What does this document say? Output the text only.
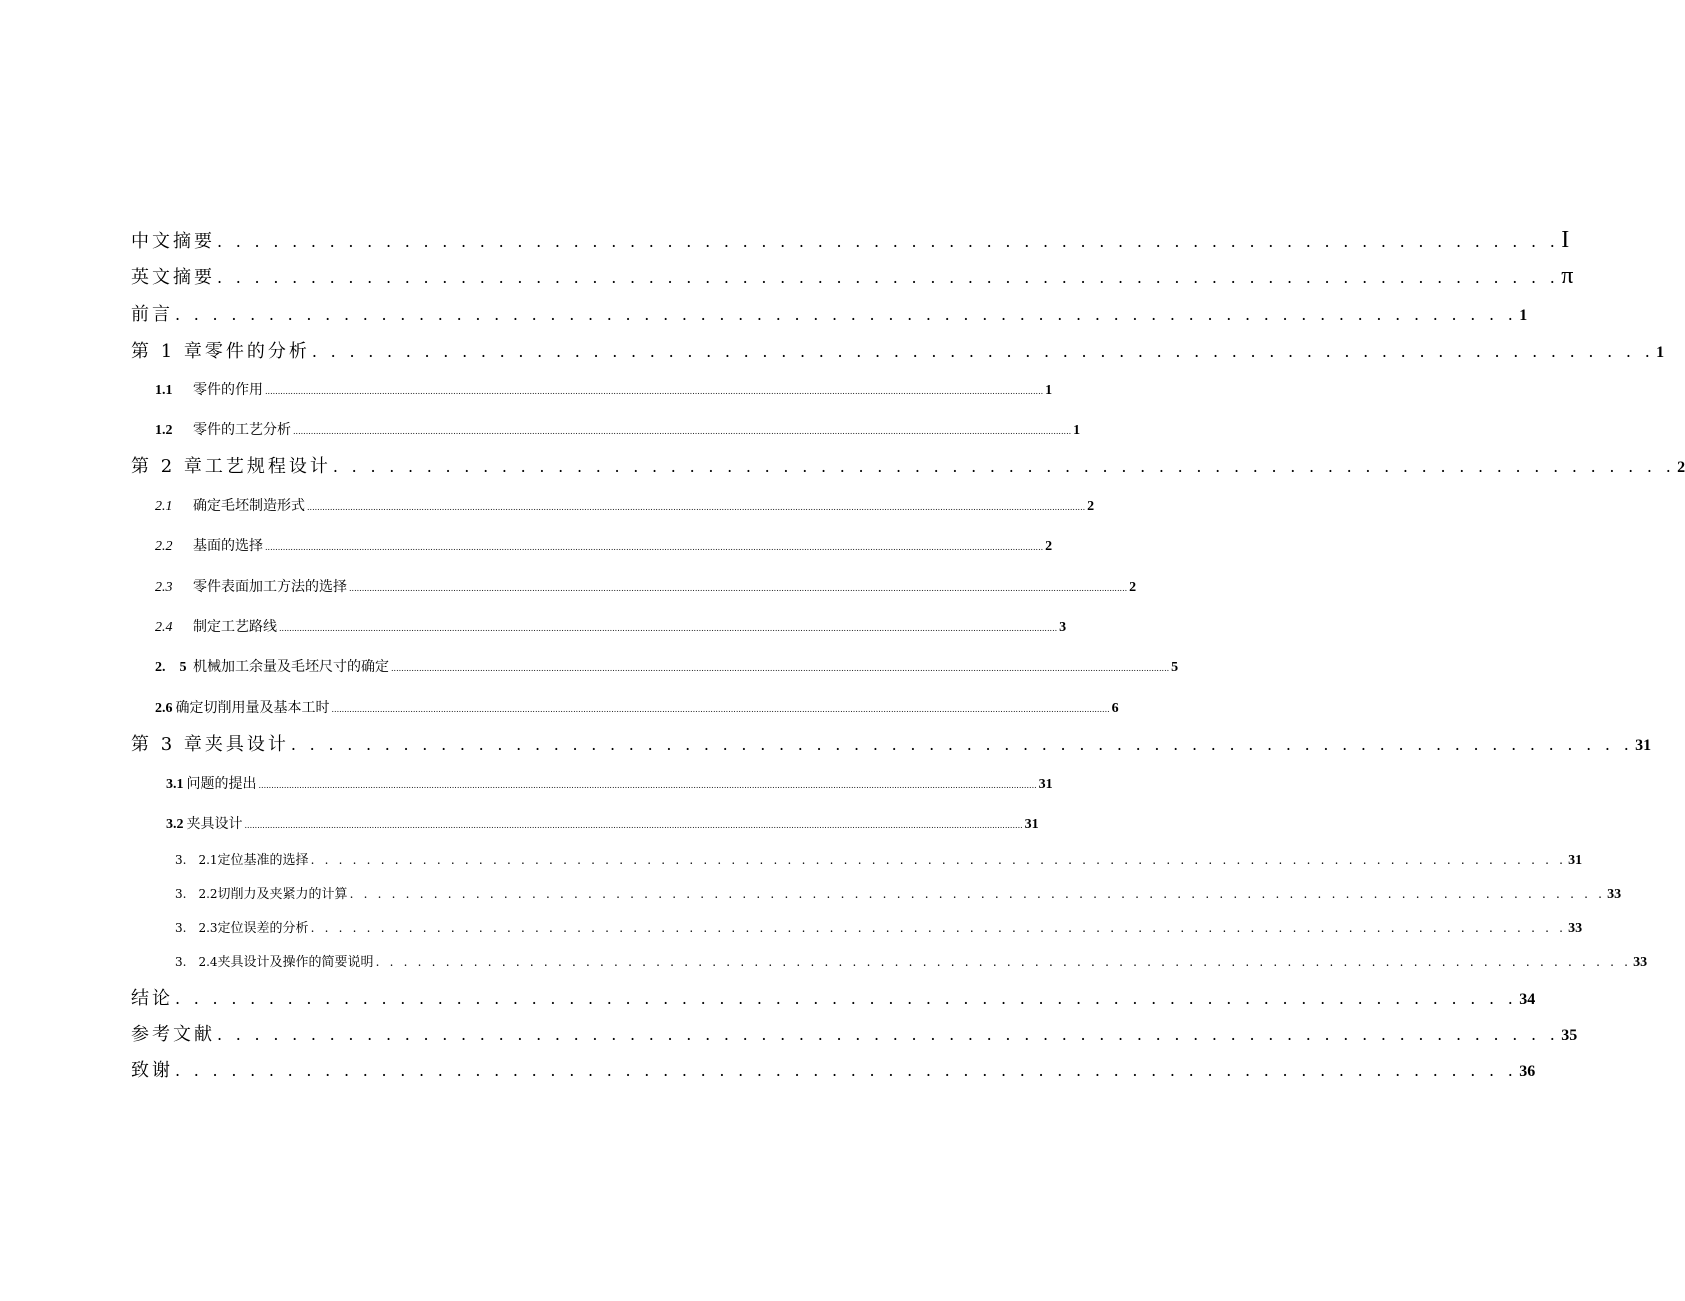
中文摘要 . . . . . . . . . . . . . . . . . . . . . . . . . . . . . . . . . . . . . . . . . . . . . . . . . . . . . . . . . . . . . . . . . . . . . . . . I
英文摘要 . . . . . . . . . . . . . . . . . . . . . . . . . . . . . . . . . . . . . . . . . . . . . . . . . . . . . . . . . . . . . . . . . . . . . . . . π
前言 . . . . . . . . . . . . . . . . . . . . . . . . . . . . . . . . . . . . . . . . . . . . . . . . . . . . . . . . . . . . . . . . . . . . . . . . 1
第 1 章 零件的分析 . . . . . . . . . . . . . . . . . . . . . . . . . . . . . . . . . . . . . . . . . . . . . . . . . . . . . . . . . . . . . . . . . . . . . . . . 1
1.1	零件的作用 .................................................................................................................................................................................................................................................................................................................. 1
1.2	零件的工艺分析 .................................................................................................................................................................................................................................................................................................................. 1
第 2 章 工艺规程设计 . . . . . . . . . . . . . . . . . . . . . . . . . . . . . . . . . . . . . . . . . . . . . . . . . . . . . . . . . . . . . . . . . . . . . . . . 2
2.1	确定毛坯制造形式 .................................................................................................................................................................................................................................................................................................................. 2
2.2	基面的选择 .................................................................................................................................................................................................................................................................................................................. 2
2.3	零件表面加工方法的选择 .................................................................................................................................................................................................................................................................................................................. 2
2.4	制定工艺路线 .................................................................................................................................................................................................................................................................................................................. 3
2.　5 机械加工余量及毛坯尺寸的确定 .................................................................................................................................................................................................................................................................................................................. 5
2.6 确定切削用量及基本工时 .................................................................................................................................................................................................................................................................................................................. 6
第 3 章 夹具设计 . . . . . . . . . . . . . . . . . . . . . . . . . . . . . . . . . . . . . . . . . . . . . . . . . . . . . . . . . . . . . . . . . . . . . . . . 31
3.1 问题的提出 .................................................................................................................................................................................................................................................................................................................. 31
3.2 夹具设计 .................................................................................................................................................................................................................................................................................................................. 31
3.　2.1 定位基准的选择 . . . . . . . . . . . . . . . . . . . . . . . . . . . . . . . . . . . . . . . . . . . . . . . . . . . . . . . . . . . . . . . . . . . . . . . . . . . . . . . . . . . . . . . . . . 31
3.　2.2 切削力及夹紧力的计算 . . . . . . . . . . . . . . . . . . . . . . . . . . . . . . . . . . . . . . . . . . . . . . . . . . . . . . . . . . . . . . . . . . . . . . . . . . . . . . . . . . . . . . . . . . 33
3.　2.3 定位误差的分析 . . . . . . . . . . . . . . . . . . . . . . . . . . . . . . . . . . . . . . . . . . . . . . . . . . . . . . . . . . . . . . . . . . . . . . . . . . . . . . . . . . . . . . . . . . 33
3.　2.4 夹具设计及操作的简要说明 . . . . . . . . . . . . . . . . . . . . . . . . . . . . . . . . . . . . . . . . . . . . . . . . . . . . . . . . . . . . . . . . . . . . . . . . . . . . . . . . . . . . . . . . . . 33
结论 . . . . . . . . . . . . . . . . . . . . . . . . . . . . . . . . . . . . . . . . . . . . . . . . . . . . . . . . . . . . . . . . . . . . . . . . 34
参考文献 . . . . . . . . . . . . . . . . . . . . . . . . . . . . . . . . . . . . . . . . . . . . . . . . . . . . . . . . . . . . . . . . . . . . . . . . 35
致谢 . . . . . . . . . . . . . . . . . . . . . . . . . . . . . . . . . . . . . . . . . . . . . . . . . . . . . . . . . . . . . . . . . . . . . . . . 36
